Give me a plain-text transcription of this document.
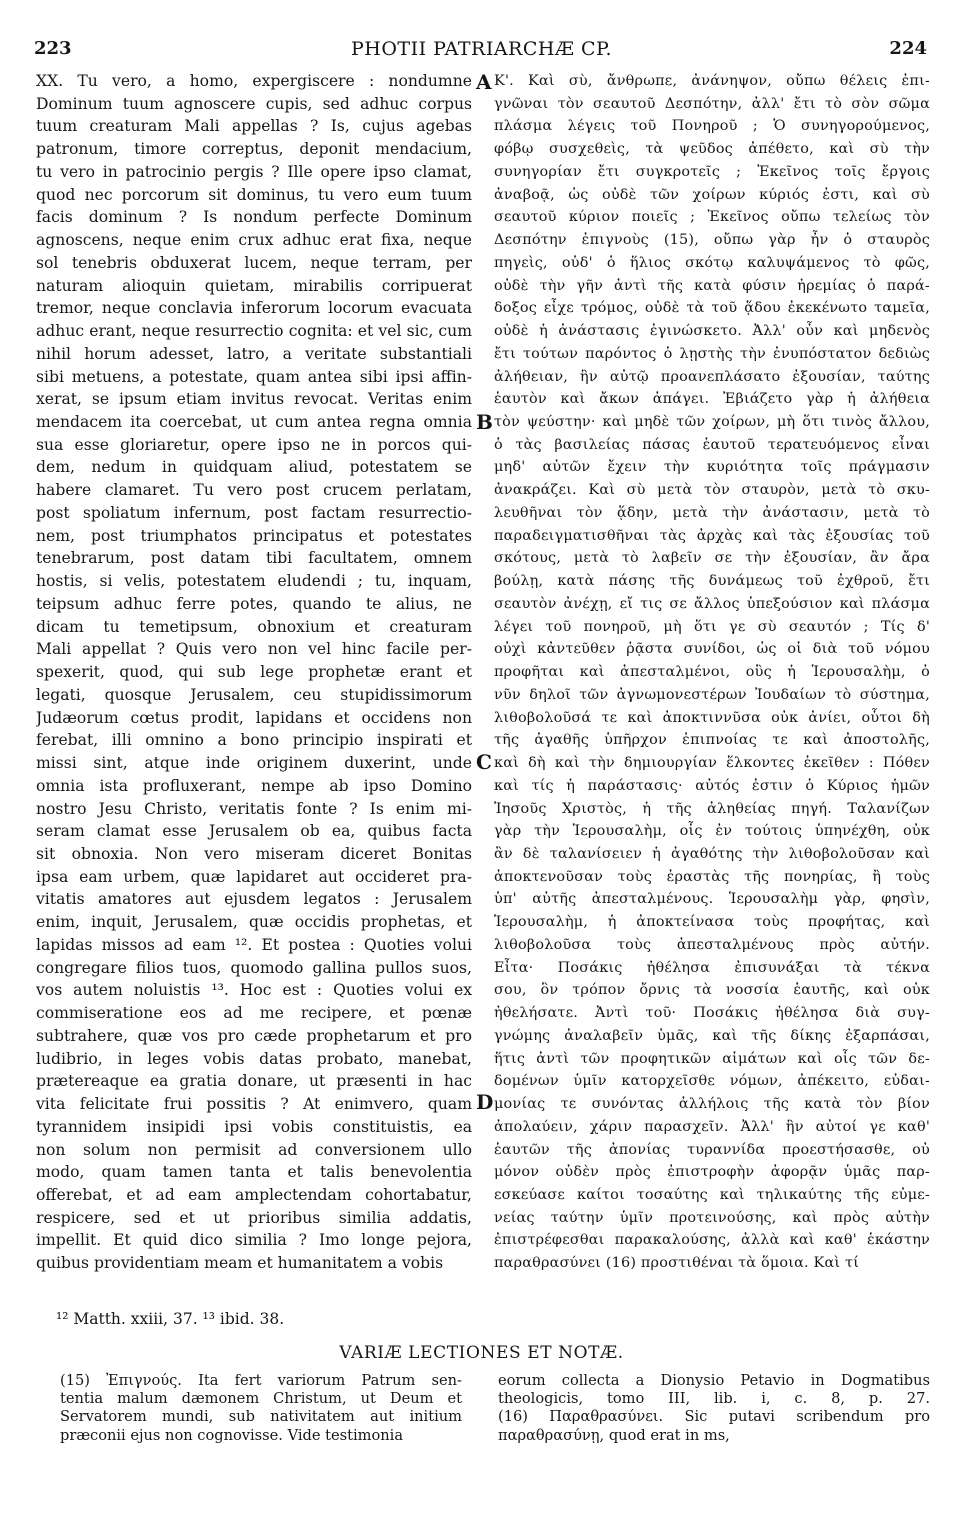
223	PHOTII PATRIARCHÆ CP.	224
XX. Tu vero, a homo, expergiscere : nondumne
Dominum tuum agnoscere cupis, sed adhuc corpus
tuum creaturam Mali appellas ? Is, cujus agebas
patronum, timore correptus, deponit mendacium,
tu vero in patrocinio pergis ? Ille opere ipso clamat,
quod nec porcorum sit dominus, tu vero eum tuum
facis dominum ? Is nondum perfecte Dominum
agnoscens, neque enim crux adhuc erat fixa, neque
sol tenebris obduxerat lucem, neque terram, per
naturam alioquin quietam, mirabilis corripuerat
tremor, neque conclavia inferorum locorum evacuata
adhuc erant, neque resurrectio cognita: et vel sic, cum
nihil horum adesset, latro, a veritate substantiali
sibi metuens, a potestate, quam antea sibi ipsi affin-
xerat, se ipsum etiam invitus revocat. Veritas enim
mendacem ita coercebat, ut cum antea regna omnia
sua esse gloriaretur, opere ipso ne in porcos qui-
dem, nedum in quidquam aliud, potestatem se
habere clamaret. Tu vero post crucem perlatam,
post spoliatum infernum, post factam resurrectio-
nem, post triumphatos principatus et potestates
tenebrarum, post datam tibi facultatem, omnem
hostis, si velis, potestatem eludendi ; tu, inquam,
teipsum adhuc ferre potes, quando te alius, ne
dicam tu temetipsum, obnoxium et creaturam
Mali appellat ? Quis vero non vel hinc facile per-
spexerit, quod, qui sub lege prophetæ erant et
legati, quosque Jerusalem, ceu stupidissimorum
Judæorum cœtus prodit, lapidans et occidens non
ferebat, illi omnino a bono principio inspirati et
missi sint, atque inde originem duxerint, unde
omnia ista profluxerant, nempe ab ipso Domino
nostro Jesu Christo, veritatis fonte ? Is enim mi-
seram clamat esse Jerusalem ob ea, quibus facta
sit obnoxia. Non vero miseram diceret Bonitas
ipsa eam urbem, quæ lapidaret aut occideret pra-
vitatis amatores aut ejusdem legatos : Jerusalem
enim, inquit, Jerusalem, quæ occidis prophetas, et
lapidas missos ad eam ¹². Et postea : Quoties volui
congregare filios tuos, quomodo gallina pullos suos,
vos autem noluistis ¹³. Hoc est : Quoties volui ex
commiseratione eos ad me recipere, et pœnæ
subtrahere, quæ vos pro cæde prophetarum et pro
ludibrio, in leges vobis datas probato, manebat,
prætereaque ea gratia donare, ut præsenti in hac
vita felicitate frui possitis ? At enimvero, quam
tyrannidem insipidi ipsi vobis constituistis, ea
non solum non permisit ad conversionem ullo
modo, quam tamen tanta et talis benevolentia
offerebat, et ad eam amplectendam cohortabatur,
respicere, sed et ut prioribus similia addatis,
impellit. Et quid dico similia ? Imo longe pejora,
quibus providentiam meam et humanitatem a vobis
Κ'. Καὶ σὺ, ἄνθρωπε, ἀνάνηψον, οὔπω θέλεις ἐπι-
γνῶναι τὸν σεαυτοῦ Δεσπότην, ἀλλ' ἔτι τὸ σὸν σῶμα
πλάσμα λέγεις τοῦ Πονηροῦ ; Ὁ συνηγορούμενος,
φόβῳ συσχεθεὶς, τὰ ψεῦδος ἀπέθετο, καὶ σὺ τὴν
συνηγορίαν ἔτι συγκροτεῖς ; Ἐκεῖνος τοῖς ἔργοις
ἀναβοᾷ, ὡς οὐδὲ τῶν χοίρων κύριός ἐστι, καὶ σὺ
σεαυτοῦ κύριον ποιεῖς ; Ἐκεῖνος οὔπω τελείως τὸν
Δεσπότην ἐπιγνοὺς (15), οὔπω γὰρ ἦν ὁ σταυρὸς
πηγεὶς, οὐδ' ὁ ἥλιος σκότῳ καλυψάμενος τὸ φῶς,
οὐδὲ τὴν γῆν ἀντὶ τῆς κατὰ φύσιν ἠρεμίας ὁ παρά-
δοξος εἶχε τρόμος, οὐδὲ τὰ τοῦ ᾅδου ἐκεκένωτο ταμεῖα,
οὐδὲ ἡ ἀνάστασις ἐγινώσκετο. Ἀλλ' οὖν καὶ μηδενὸς
ἔτι τούτων παρόντος ὁ λῃστὴς τὴν ἐνυπόστατον δεδιὼς
ἀλήθειαν, ἣν αὐτῷ προανεπλάσατο ἐξουσίαν, ταύτης
ἑαυτὸν καὶ ἄκων ἀπάγει. Ἐβιάζετο γὰρ ἡ ἀλήθεια
τὸν ψεύστην· καὶ μηδὲ τῶν χοίρων, μὴ ὅτι τινὸς ἄλλου,
ὁ τὰς βασιλείας πάσας ἑαυτοῦ τερατευόμενος εἶναι
μηδ' αὐτῶν ἔχειν τὴν κυριότητα τοῖς πράγμασιν
ἀνακράζει. Καὶ σὺ μετὰ τὸν σταυρὸν, μετὰ τὸ σκυ-
λευθῆναι τὸν ᾅδην, μετὰ τὴν ἀνάστασιν, μετὰ τὸ
παραδειγματισθῆναι τὰς ἀρχὰς καὶ τὰς ἐξουσίας τοῦ
σκότους, μετὰ τὸ λαβεῖν σε τὴν ἐξουσίαν, ἂν ἄρα
βούλῃ, κατὰ πάσης τῆς δυνάμεως τοῦ ἐχθροῦ, ἔτι
σεαυτὸν ἀνέχῃ, εἴ τις σε ἄλλος ὑπεξούσιον καὶ πλάσμα
λέγει τοῦ πονηροῦ, μὴ ὅτι γε σὺ σεαυτόν ; Τίς δ'
οὐχὶ κἀντεῦθεν ῥᾷστα συνίδοι, ὡς οἱ διὰ τοῦ νόμου
προφῆται καὶ ἀπεσταλμένοι, οὓς ἡ Ἱερουσαλὴμ, ὁ
νῦν δηλοῖ τῶν ἀγνωμονεστέρων Ἰουδαίων τὸ σύστημα,
λιθοβολοῦσά τε καὶ ἀποκτιννῦσα οὐκ ἀνίει, οὗτοι δὴ
τῆς ἀγαθῆς ὑπῆρχον ἐπιπνοίας τε καὶ ἀποστολῆς,
καὶ δὴ καὶ τὴν δημιουργίαν ἕλκοντες ἐκεῖθεν : Πόθεν
καὶ τίς ἡ παράστασις· αὐτός ἐστιν ὁ Κύριος ἡμῶν
Ἰησοῦς Χριστὸς, ἡ τῆς ἀληθείας πηγή. Ταλανίζων
γὰρ τὴν Ἱερουσαλὴμ, οἷς ἐν τούτοις ὑπηνέχθη, οὐκ
ἂν δὲ ταλανίσειεν ἡ ἀγαθότης τὴν λιθοβολοῦσαν καὶ
ἀποκτενοῦσαν τοὺς ἐραστὰς τῆς πονηρίας, ἢ τοὺς
ὑπ' αὐτῆς ἀπεσταλμένους. Ἱερουσαλὴμ γὰρ, φησὶν,
Ἱερουσαλὴμ, ἡ ἀποκτείνασα τοὺς προφήτας, καὶ
λιθοβολοῦσα τοὺς ἀπεσταλμένους πρὸς αὐτήν.
Εἶτα· Ποσάκις ἠθέλησα ἐπισυνάξαι τὰ τέκνα
σου, ὃν τρόπον ὄρνις τὰ νοσσία ἑαυτῆς, καὶ οὐκ
ἠθελήσατε. Ἀντὶ τοῦ· Ποσάκις ἠθέλησα διὰ συγ-
γνώμης ἀναλαβεῖν ὑμᾶς, καὶ τῆς δίκης ἐξαρπάσαι,
ἥτις ἀντὶ τῶν προφητικῶν αἱμάτων καὶ οἷς τῶν δε-
δομένων ὑμῖν κατορχεῖσθε νόμων, ἀπέκειτο, εὐδαι-
μονίας τε συνόντας ἀλλήλοις τῆς κατὰ τὸν βίον
ἀπολαύειν, χάριν παρασχεῖν. Ἀλλ' ἣν αὐτοί γε καθ'
ἑαυτῶν τῆς ἀπονίας τυραννίδα προεστήσασθε, οὐ
μόνον οὐδὲν πρὸς ἐπιστροφὴν ἀφορᾷν ὑμᾶς παρ-
εσκεύασε καίτοι τοσαύτης καὶ τηλικαύτης τῆς εὐμε-
νείας ταύτην ὑμῖν προτεινούσης, καὶ πρὸς αὐτὴν
ἐπιστρέφεσθαι παρακαλούσης, ἀλλὰ καὶ καθ' ἑκάστην
παραθρασύνει (16) προστιθέναι τὰ ὅμοια. Καὶ τί
A
B
C
D
¹² Matth. xxiii, 37. ¹³ ibid. 38.
VARIÆ LECTIONES ET NOTÆ.
(15) Ἐπιγνούς. Ita fert variorum Patrum sen-
tentia malum dæmonem Christum, ut Deum et
Servatorem mundi, sub nativitatem aut initium
præconii ejus non cognovisse. Vide testimonia
eorum collecta a Dionysio Petavio in Dogmatibus
theologicis, tomo III, lib. i, c. 8, p. 27.
(16) Παραθρασύνει. Sic putavi scribendum pro
παραθρασύνῃ, quod erat in ms,
